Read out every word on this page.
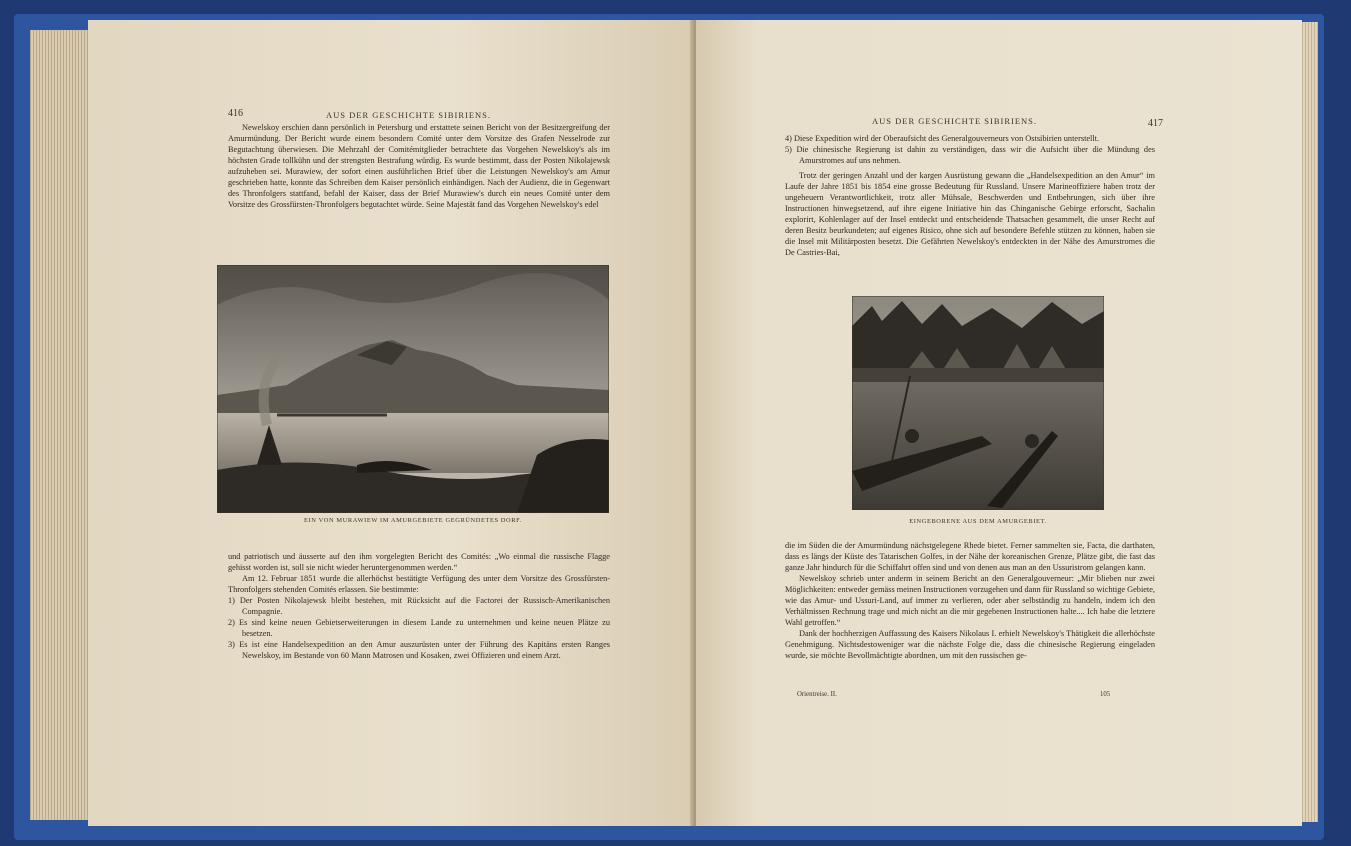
416	AUS DER GESCHICHTE SIBIRIENS.

Newelskoy erschien dann persönlich in Petersburg und erstattete seinen Bericht von der Besitzergreifung der Amurmündung. Der Bericht wurde einem besondern Comité unter dem Vorsitze des Grafen Nesselrode zur Begutachtung überwiesen. Die Mehrzahl der Comitémitglieder betrachtete das Vorgehen Newelskoy's als im höchsten Grade tollkühn und der strengsten Bestrafung würdig. Es wurde bestimmt, dass der Posten Nikolajewsk aufzuheben sei. Murawiew, der sofort einen ausführlichen Brief über die Leistungen Newelskoy's am Amur geschrieben hatte, konnte das Schreiben dem Kaiser persönlich einhändigen. Nach der Audienz, die in Gegenwart des Thronfolgers stattfand, befahl der Kaiser, dass der Brief Murawiew's durch ein neues Comité unter dem Vorsitze des Grossfürsten-Thronfolgers begutachtet würde. Seine Majestät fand das Vorgehen Newelskoy's edel

EIN VON MURAWIEW IM AMURGEBIETE GEGRÜNDETES DORF.

und patriotisch und äusserte auf den ihm vorgelegten Bericht des Comités: „Wo einmal die russische Flagge gehisst worden ist, soll sie nicht wieder heruntergenommen werden.“

Am 12. Februar 1851 wurde die allerhöchst bestätigte Verfügung des unter dem Vorsitze des Grossfürsten-Thronfolgers stehenden Comités erlassen. Sie bestimmte:

1) Der Posten Nikolajewsk bleibt bestehen, mit Rücksicht auf die Factorei der Russisch-Amerikanischen Compagnie.

2) Es sind keine neuen Gebietserweiterungen in diesem Lande zu unternehmen und keine neuen Plätze zu besetzen.

3) Es ist eine Handelsexpedition an den Amur auszurüsten unter der Führung des Kapitäns ersten Ranges Newelskoy, im Bestande von 60 Mann Matrosen und Kosaken, zwei Offizieren und einem Arzt.

AUS DER GESCHICHTE SIBIRIENS.	417

4) Diese Expedition wird der Oberaufsicht des Generalgouverneurs von Ostsibirien unterstellt.

5) Die chinesische Regierung ist dahin zu verständigen, dass wir die Aufsicht über die Mündung des Amurstromes auf uns nehmen.

Trotz der geringen Anzahl und der kargen Ausrüstung gewann die „Handelsexpedition an den Amur“ im Laufe der Jahre 1851 bis 1854 eine grosse Bedeutung für Russland. Unsere Marineoffiziere haben trotz der ungeheuern Verantwortlichkeit, trotz aller Mühsale, Beschwerden und Entbehrungen, sich über ihre Instructionen hinwegsetzend, auf ihre eigene Initiative hin das Chinganische Gebirge erforscht, Sachalin explorirt, Kohlenlager auf der Insel entdeckt und entscheidende Thatsachen gesammelt, die unser Recht auf deren Besitz beurkundeten; auf eigenes Risico, ohne sich auf besondere Befehle stützen zu können, haben sie die Insel mit Militärposten besetzt. Die Gefährten Newelskoy's entdeckten in der Nähe des Amurstromes die De Castries-Bai,

EINGEBORENE AUS DEM AMURGEBIET.

die im Süden die der Amurmündung nächstgelegene Rhede bietet. Ferner sammelten sie, Facta, die darthaten, dass es längs der Küste des Tatarischen Golfes, in der Nähe der koreanischen Grenze, Plätze gibt, die fast das ganze Jahr hindurch für die Schiffahrt offen sind und von denen aus man an den Ussuristrom gelangen kann.

Newelskoy schrieb unter anderm in seinem Bericht an den Generalgouverneur: „Mir blieben nur zwei Möglichkeiten: entweder gemäss meinen Instructionen vorzugehen und dann für Russland so wichtige Gebiete, wie das Amur- und Ussuri-Land, auf immer zu verlieren, oder aber selbständig zu handeln, indem ich den Verhältnissen Rechnung trage und mich nicht an die mir gegebenen Instructionen halte.... Ich habe die letztere Wahl getroffen.“

Dank der hochherzigen Auffassung des Kaisers Nikolaus I. erhielt Newelskoy's Thätigkeit die allerhöchste Genehmigung. Nichtsdestoweniger war die nächste Folge die, dass die chinesische Regierung eingeladen wurde, sie möchte Bevollmächtigte abordnen, um mit den russischen ge-

Orientreise. II.	105
